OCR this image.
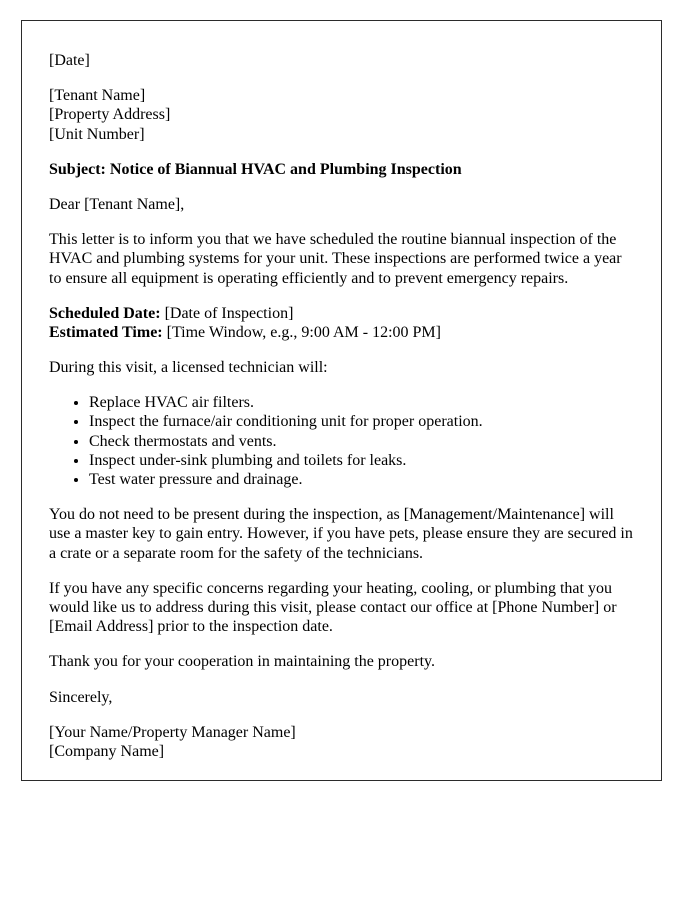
[Date]

[Tenant Name]
[Property Address]
[Unit Number]

Subject: Notice of Biannual HVAC and Plumbing Inspection

Dear [Tenant Name],

This letter is to inform you that we have scheduled the routine biannual inspection of the HVAC and plumbing systems for your unit. These inspections are performed twice a year to ensure all equipment is operating efficiently and to prevent emergency repairs.

Scheduled Date: [Date of Inspection]
Estimated Time: [Time Window, e.g., 9:00 AM - 12:00 PM]

During this visit, a licensed technician will:

• Replace HVAC air filters.
• Inspect the furnace/air conditioning unit for proper operation.
• Check thermostats and vents.
• Inspect under-sink plumbing and toilets for leaks.
• Test water pressure and drainage.

You do not need to be present during the inspection, as [Management/Maintenance] will use a master key to gain entry. However, if you have pets, please ensure they are secured in a crate or a separate room for the safety of the technicians.

If you have any specific concerns regarding your heating, cooling, or plumbing that you would like us to address during this visit, please contact our office at [Phone Number] or [Email Address] prior to the inspection date.

Thank you for your cooperation in maintaining the property.

Sincerely,

[Your Name/Property Manager Name]
[Company Name]
